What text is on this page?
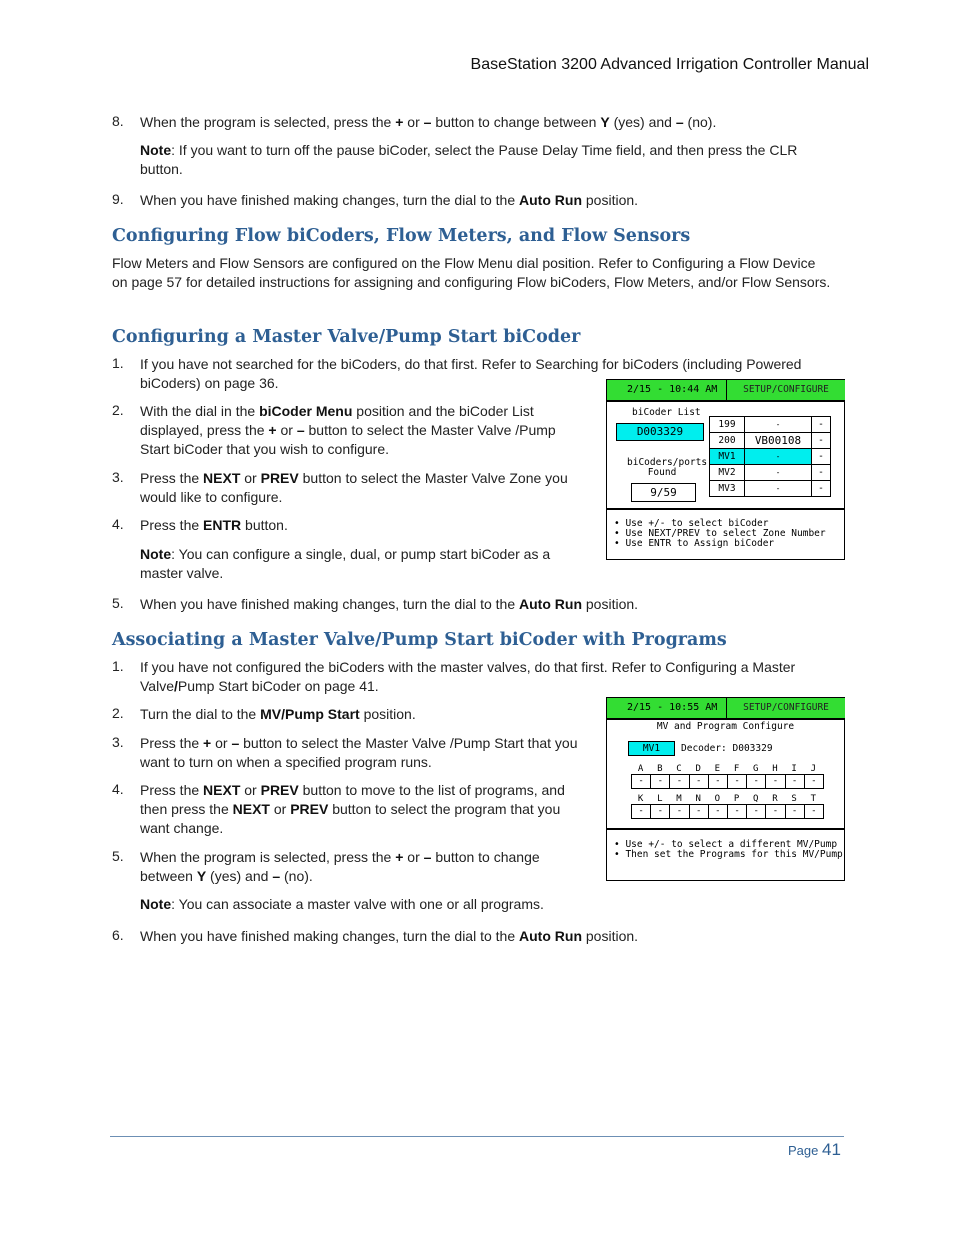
BaseStation 3200 Advanced Irrigation Controller Manual
8.	When the program is selected, press the + or – button to change between Y (yes) and – (no).
Note: If you want to turn off the pause biCoder, select the Pause Delay Time field, and then press the CLR button.
9.	When you have finished making changes, turn the dial to the Auto Run position.
Configuring Flow biCoders, Flow Meters, and Flow Sensors
Flow Meters and Flow Sensors are configured on the Flow Menu dial position. Refer to Configuring a Flow Device on page 57 for detailed instructions for assigning and configuring Flow biCoders, Flow Meters, and/or Flow Sensors.
Configuring a Master Valve/Pump Start biCoder
1.	If you have not searched for the biCoders, do that first. Refer to Searching for biCoders (including Powered biCoders) on page 36.
2.	With the dial in the biCoder Menu position and the biCoder List displayed, press the + or – button to select the Master Valve /Pump Start biCoder that you wish to configure.
3.	Press the NEXT or PREV button to select the Master Valve Zone you would like to configure.
4.	Press the ENTR button.
Note: You can configure a single, dual, or pump start biCoder as a master valve.
5.	When you have finished making changes, turn the dial to the Auto Run position.
2/15 - 10:44 AM	SETUP/CONFIGURE
biCoder List
D003329
biCoders/ports
Found
9/59
199	-	-
200	VB00108	-
MV1	-	-
MV2	-	-
MV3	-	-
• Use +/- to select biCoder
• Use NEXT/PREV to select Zone Number
• Use ENTR to Assign biCoder
Associating a Master Valve/Pump Start biCoder with Programs
1.	If you have not configured the biCoders with the master valves, do that first. Refer to Configuring a Master Valve/Pump Start biCoder on page 41.
2.	Turn the dial to the MV/Pump Start position.
3.	Press the + or – button to select the Master Valve /Pump Start that you want to turn on when a specified program runs.
4.	Press the NEXT or PREV button to move to the list of programs, and then press the NEXT or PREV button to select the program that you want change.
5.	When the program is selected, press the + or – button to change between Y (yes) and – (no).
Note: You can associate a master valve with one or all programs.
6.	When you have finished making changes, turn the dial to the Auto Run position.
2/15 - 10:55 AM	SETUP/CONFIGURE
MV and Program Configure
MV1	Decoder: D003329
A	B	C	D	E	F	G	H	I	J
-	-	-	-	-	-	-	-	-	-
K	L	M	N	O	P	Q	R	S	T
-	-	-	-	-	-	-	-	-	-
• Use +/- to select a different MV/Pump
• Then set the Programs for this MV/Pump
Page 41
